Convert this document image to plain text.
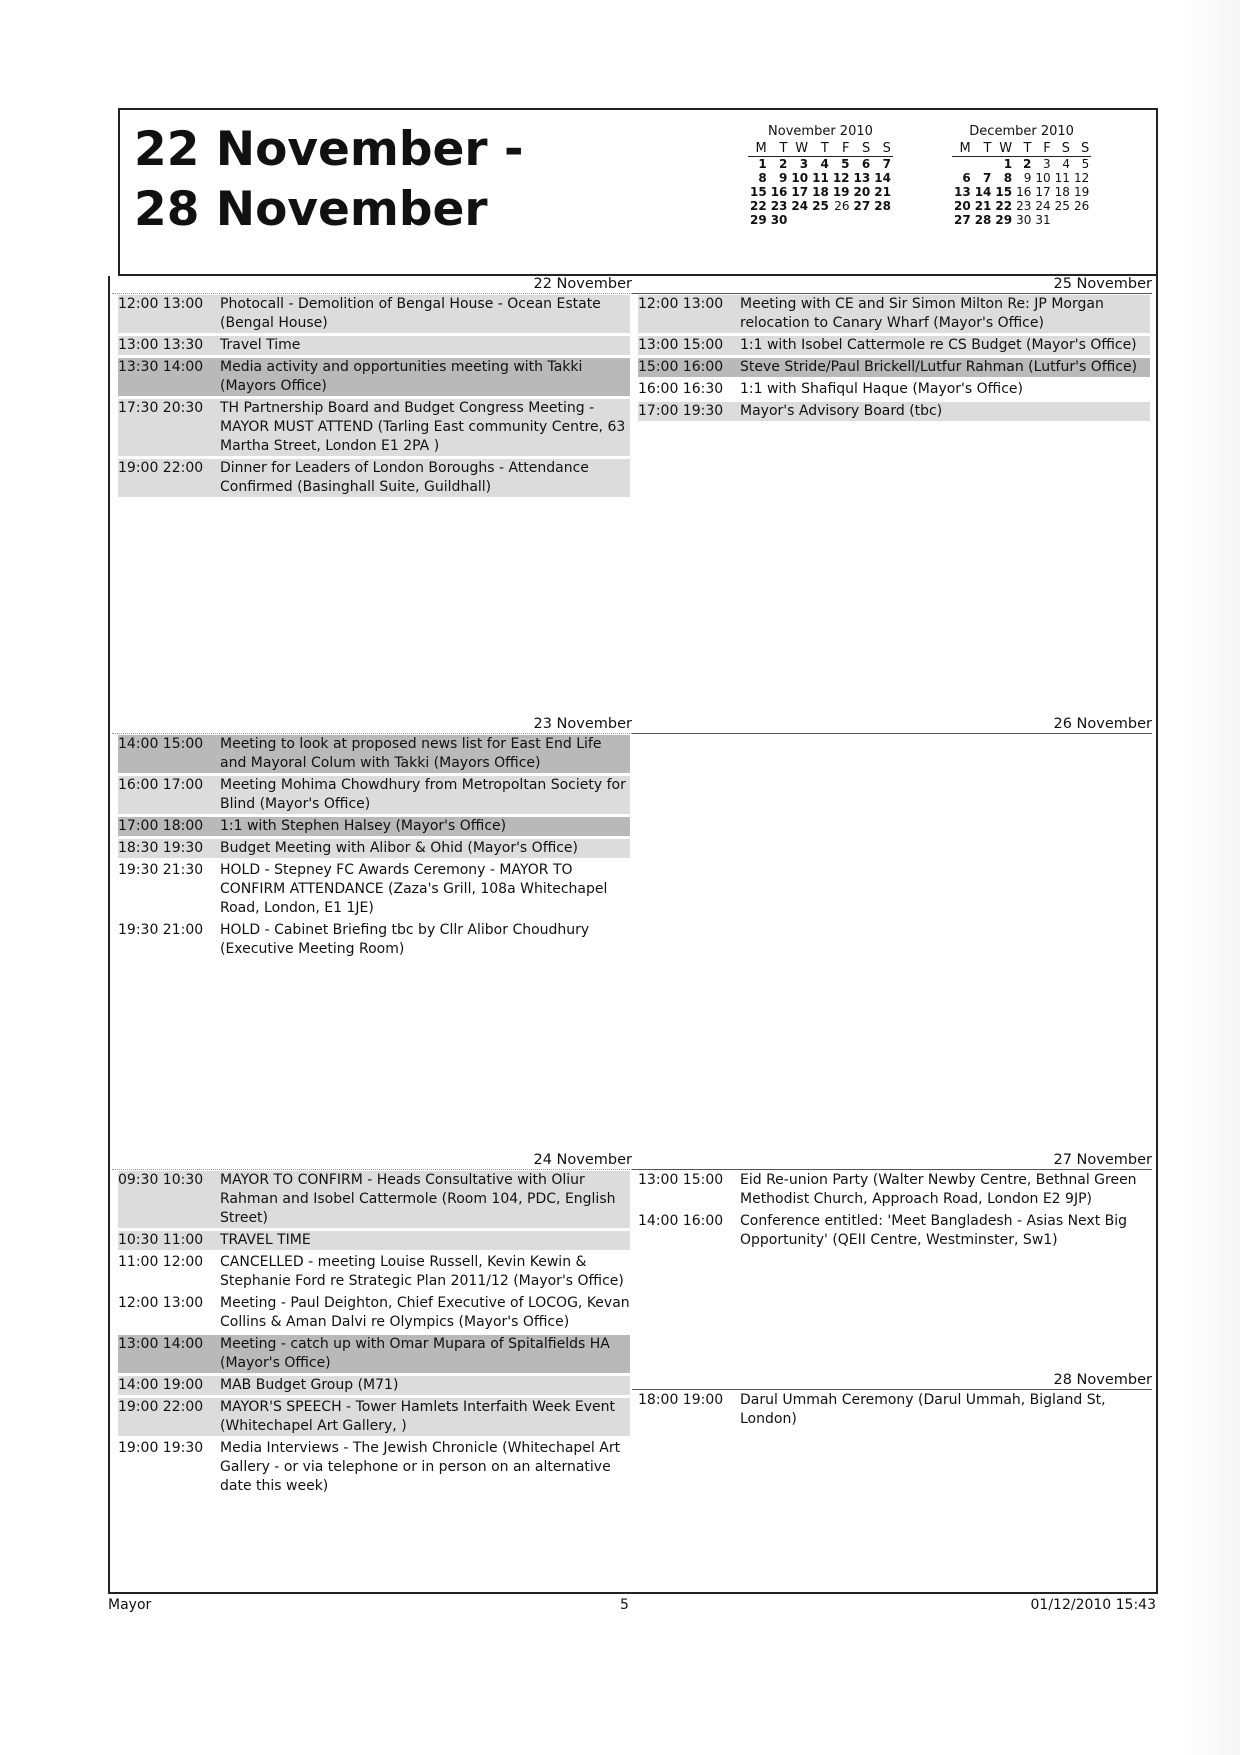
22 November -
28 November
November 2010
M	T	W	T	F	S	S
1	2	3	4	5	6	7
8	9	10	11	12	13	14
15	16	17	18	19	20	21
22	23	24	25	26	27	28
29	30					
December 2010
M	T	W	T	F	S	S
		1	2	3	4	5
6	7	8	9	10	11	12
13	14	15	16	17	18	19
20	21	22	23	24	25	26
27	28	29	30	31		
22 November
12:00 13:00	Photocall - Demolition of Bengal House - Ocean Estate (Bengal House)
13:00 13:30	Travel Time
13:30 14:00	Media activity and opportunities meeting with Takki (Mayors Office)
17:30 20:30	TH Partnership Board and Budget Congress Meeting - MAYOR MUST ATTEND (Tarling East community Centre, 63 Martha Street, London E1 2PA )
19:00 22:00	Dinner for Leaders of London Boroughs - Attendance Confirmed (Basinghall Suite, Guildhall)
25 November
12:00 13:00	Meeting with CE and Sir Simon Milton Re: JP Morgan relocation to Canary Wharf (Mayor's Office)
13:00 15:00	1:1 with Isobel Cattermole re CS Budget (Mayor's Office)
15:00 16:00	Steve Stride/Paul Brickell/Lutfur Rahman (Lutfur's Office)
16:00 16:30	1:1 with Shafiqul Haque (Mayor's Office)
17:00 19:30	Mayor's Advisory Board (tbc)
23 November
14:00 15:00	Meeting to look at proposed news list for East End Life and Mayoral Colum with Takki (Mayors Office)
16:00 17:00	Meeting Mohima Chowdhury from Metropoltan Society for Blind (Mayor's Office)
17:00 18:00	1:1 with Stephen Halsey (Mayor's Office)
18:30 19:30	Budget Meeting with Alibor & Ohid (Mayor's Office)
19:30 21:30	HOLD - Stepney FC Awards Ceremony - MAYOR TO CONFIRM ATTENDANCE (Zaza's Grill, 108a Whitechapel Road, London, E1 1JE)
19:30 21:00	HOLD - Cabinet Briefing tbc by Cllr Alibor Choudhury (Executive Meeting Room)
26 November
24 November
09:30 10:30	MAYOR TO CONFIRM - Heads Consultative with Oliur Rahman and Isobel Cattermole (Room 104, PDC, English Street)
10:30 11:00	TRAVEL TIME
11:00 12:00	CANCELLED - meeting Louise Russell, Kevin Kewin & Stephanie Ford re Strategic Plan 2011/12 (Mayor's Office)
12:00 13:00	Meeting - Paul Deighton, Chief Executive of LOCOG, Kevan Collins & Aman Dalvi re Olympics (Mayor's Office)
13:00 14:00	Meeting - catch up with Omar Mupara of Spitalfields HA (Mayor's Office)
14:00 19:00	MAB Budget Group (M71)
19:00 22:00	MAYOR'S SPEECH - Tower Hamlets Interfaith Week Event (Whitechapel Art Gallery, )
19:00 19:30	Media Interviews - The Jewish Chronicle (Whitechapel Art Gallery - or via telephone or in person on an alternative date this week)
27 November
13:00 15:00	Eid Re-union Party (Walter Newby Centre, Bethnal Green Methodist Church, Approach Road, London E2 9JP)
14:00 16:00	Conference entitled: 'Meet Bangladesh - Asias Next Big Opportunity' (QEII Centre, Westminster, Sw1)
28 November
18:00 19:00	Darul Ummah Ceremony (Darul Ummah, Bigland St, London)
Mayor	5	01/12/2010 15:43
